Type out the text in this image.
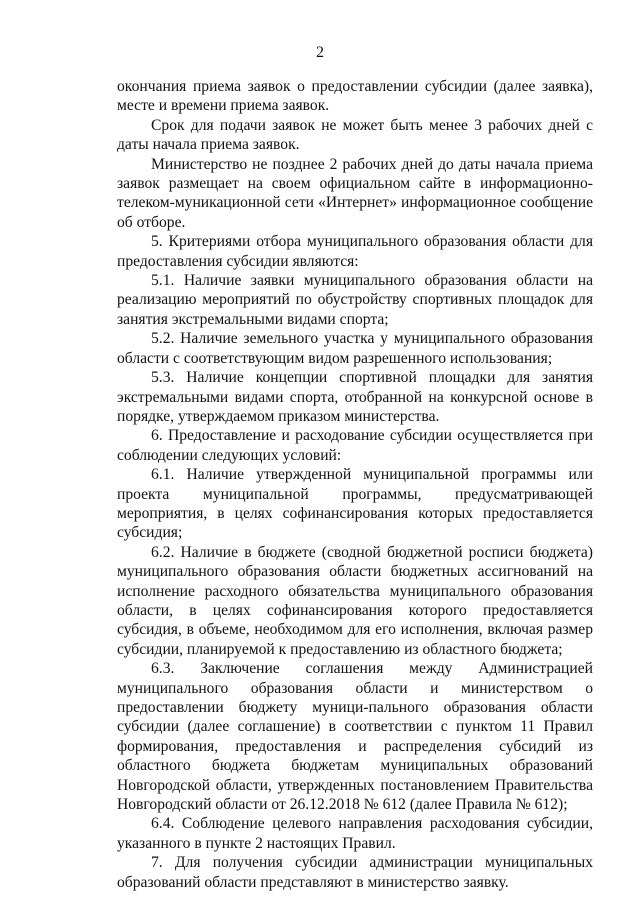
2

окончания приема заявок о предоставлении субсидии (далее заявка), месте и времени приема заявок.

Срок для подачи заявок не может быть менее 3 рабочих дней с даты начала приема заявок.

Министерство не позднее 2 рабочих дней до даты начала приема заявок размещает на своем официальном сайте в информационно-телеком-муникационной сети «Интернет» информационное сообщение об отборе.

5. Критериями отбора муниципального образования области для предоставления субсидии являются:

5.1. Наличие заявки муниципального образования области на реализацию мероприятий по обустройству спортивных площадок для занятия экстремальными видами спорта;

5.2. Наличие земельного участка у муниципального образования области с соответствующим видом разрешенного использования;

5.3. Наличие концепции спортивной площадки для занятия экстремальными видами спорта, отобранной на конкурсной основе в порядке, утверждаемом приказом министерства.

6. Предоставление и расходование субсидии осуществляется при соблюдении следующих условий:

6.1. Наличие утвержденной муниципальной программы или проекта муниципальной программы, предусматривающей мероприятия, в целях софинансирования которых предоставляется субсидия;

6.2. Наличие в бюджете (сводной бюджетной росписи бюджета) муниципального образования области бюджетных ассигнований на исполнение расходного обязательства муниципального образования области, в целях софинансирования которого предоставляется субсидия, в объеме, необходимом для его исполнения, включая размер субсидии, планируемой к предоставлению из областного бюджета;

6.3. Заключение соглашения между Администрацией муниципального образования области и министерством о предоставлении бюджету муници-пального образования области субсидии (далее соглашение) в соответствии с пунктом 11 Правил формирования, предоставления и распределения субсидий из областного бюджета бюджетам муниципальных образований Новгородской области, утвержденных постановлением Правительства Новгородский области от 26.12.2018 № 612 (далее Правила № 612);

6.4. Соблюдение целевого направления расходования субсидии, указанного в пункте 2 настоящих Правил.

7. Для получения субсидии администрации муниципальных образований области представляют в министерство заявку.
